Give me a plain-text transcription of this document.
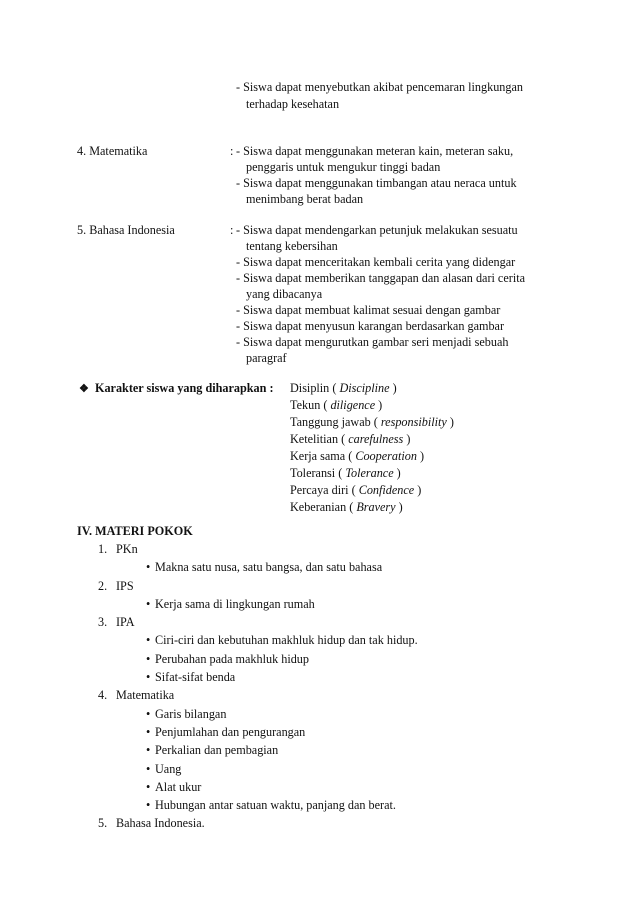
- Siswa dapat menyebutkan akibat pencemaran lingkungan
terhadap kesehatan
4. Matematika	: - Siswa dapat menggunakan meteran kain, meteran saku,
penggaris untuk mengukur tinggi badan
- Siswa dapat menggunakan timbangan atau neraca untuk
menimbang berat badan
5. Bahasa Indonesia	: - Siswa dapat mendengarkan petunjuk melakukan sesuatu
tentang kebersihan
- Siswa dapat menceritakan kembali cerita yang didengar
- Siswa dapat memberikan tanggapan dan alasan dari cerita
yang dibacanya
- Siswa dapat membuat kalimat sesuai dengan gambar
- Siswa dapat menyusun karangan berdasarkan gambar
- Siswa dapat mengurutkan gambar seri menjadi sebuah
paragraf
❖ Karakter siswa yang diharapkan : Disiplin ( Discipline )
Tekun ( diligence )
Tanggung jawab ( responsibility )
Ketelitian ( carefulness )
Kerja sama ( Cooperation )
Toleransi ( Tolerance )
Percaya diri ( Confidence )
Keberanian ( Bravery )
IV. MATERI POKOK
1. PKn
• Makna satu nusa, satu bangsa, dan satu bahasa
2. IPS
• Kerja sama di lingkungan rumah
3. IPA
• Ciri-ciri dan kebutuhan makhluk hidup dan tak hidup.
• Perubahan pada makhluk hidup
• Sifat-sifat benda
4. Matematika
• Garis bilangan
• Penjumlahan dan pengurangan
• Perkalian dan pembagian
• Uang
• Alat ukur
• Hubungan antar satuan waktu, panjang dan berat.
5. Bahasa Indonesia.
